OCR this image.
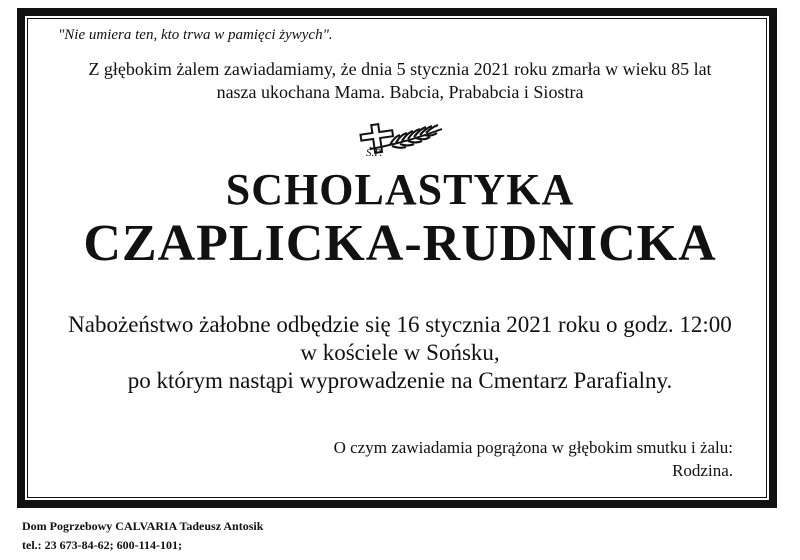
"Nie umiera ten, kto trwa w pamięci żywych".
Z głębokim żalem zawiadamiamy, że dnia 5 stycznia 2021 roku zmarła w wieku 85 lat
nasza ukochana Mama. Babcia, Prababcia i Siostra
Ś.P.
SCHOLASTYKA
CZAPLICKA-RUDNICKA
Nabożeństwo żałobne odbędzie się 16 stycznia 2021 roku o godz. 12:00
w kościele w Sońsku,
po którym nastąpi wyprowadzenie na Cmentarz Parafialny.
O czym zawiadamia pogrążona w głębokim smutku i żalu:
Rodzina.
Dom Pogrzebowy CALVARIA Tadeusz Antosik
tel.: 23 673-84-62; 600-114-101;
